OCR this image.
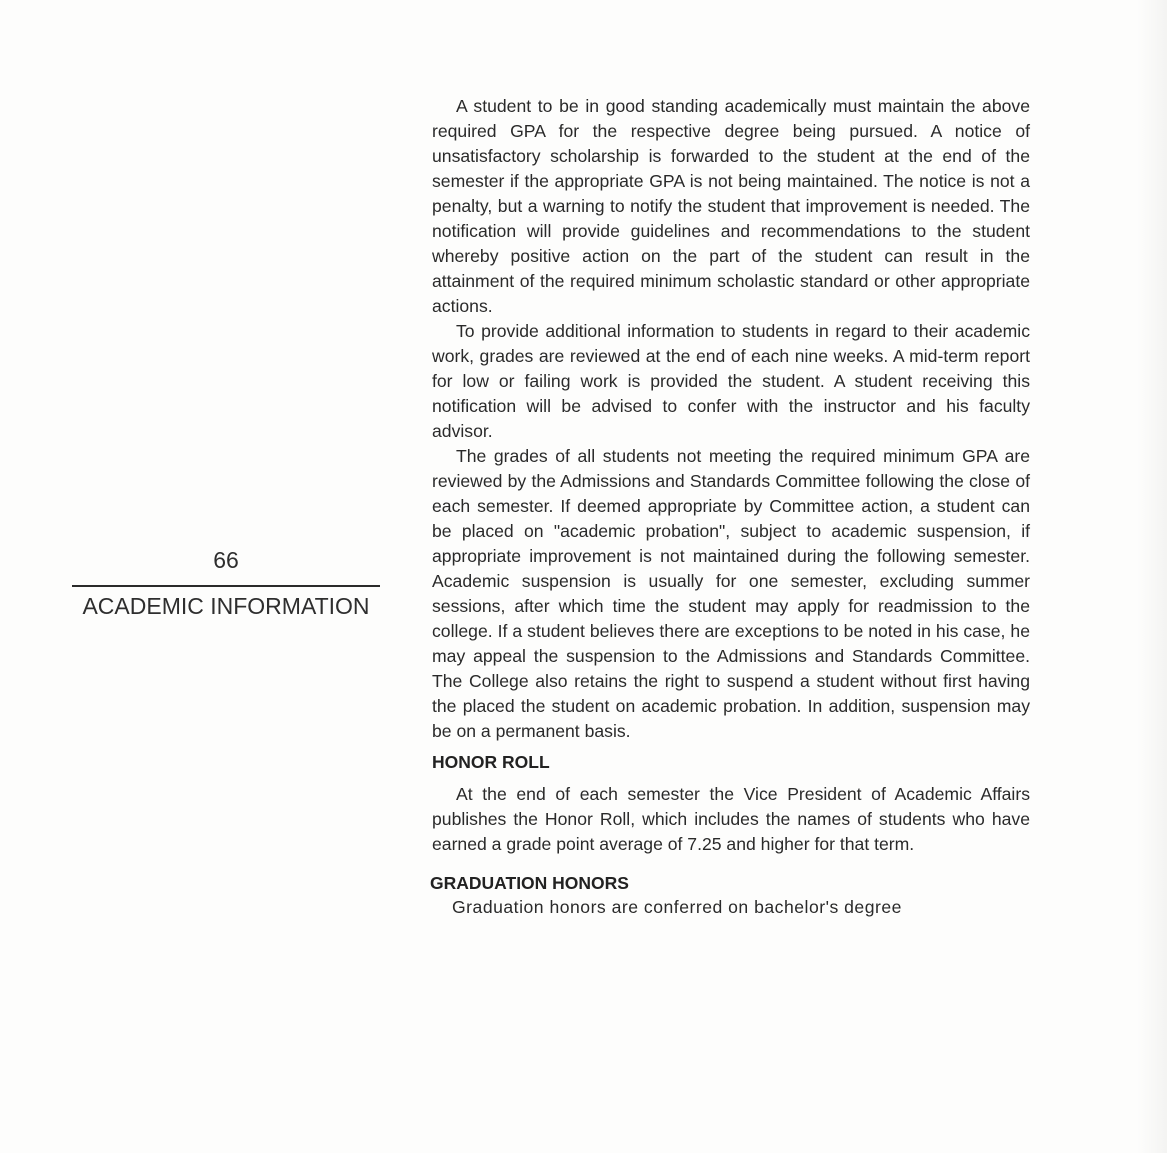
66
ACADEMIC INFORMATION

A student to be in good standing academically must maintain the above required GPA for the respective degree being pursued. A notice of unsatisfactory scholarship is forwarded to the student at the end of the semester if the appropriate GPA is not being maintained. The notice is not a penalty, but a warning to notify the student that improvement is needed. The notification will provide guidelines and recommendations to the student whereby positive action on the part of the student can result in the attainment of the required minimum scholastic standard or other appropriate actions.

To provide additional information to students in regard to their academic work, grades are reviewed at the end of each nine weeks. A mid-term report for low or failing work is provided the student. A student receiving this notification will be advised to confer with the instructor and his faculty advisor.

The grades of all students not meeting the required minimum GPA are reviewed by the Admissions and Standards Committee following the close of each semester. If deemed appropriate by Committee action, a student can be placed on "academic probation", subject to academic suspension, if appropriate improvement is not maintained during the following semester. Academic suspension is usually for one semester, excluding summer sessions, after which time the student may apply for readmission to the college. If a student believes there are exceptions to be noted in his case, he may appeal the suspension to the Admissions and Standards Committee. The College also retains the right to suspend a student without first having the placed the student on academic probation. In addition, suspension may be on a permanent basis.

HONOR ROLL

At the end of each semester the Vice President of Academic Affairs publishes the Honor Roll, which includes the names of students who have earned a grade point average of 7.25 and higher for that term.

GRADUATION HONORS

Graduation honors are conferred on bachelor's degree
